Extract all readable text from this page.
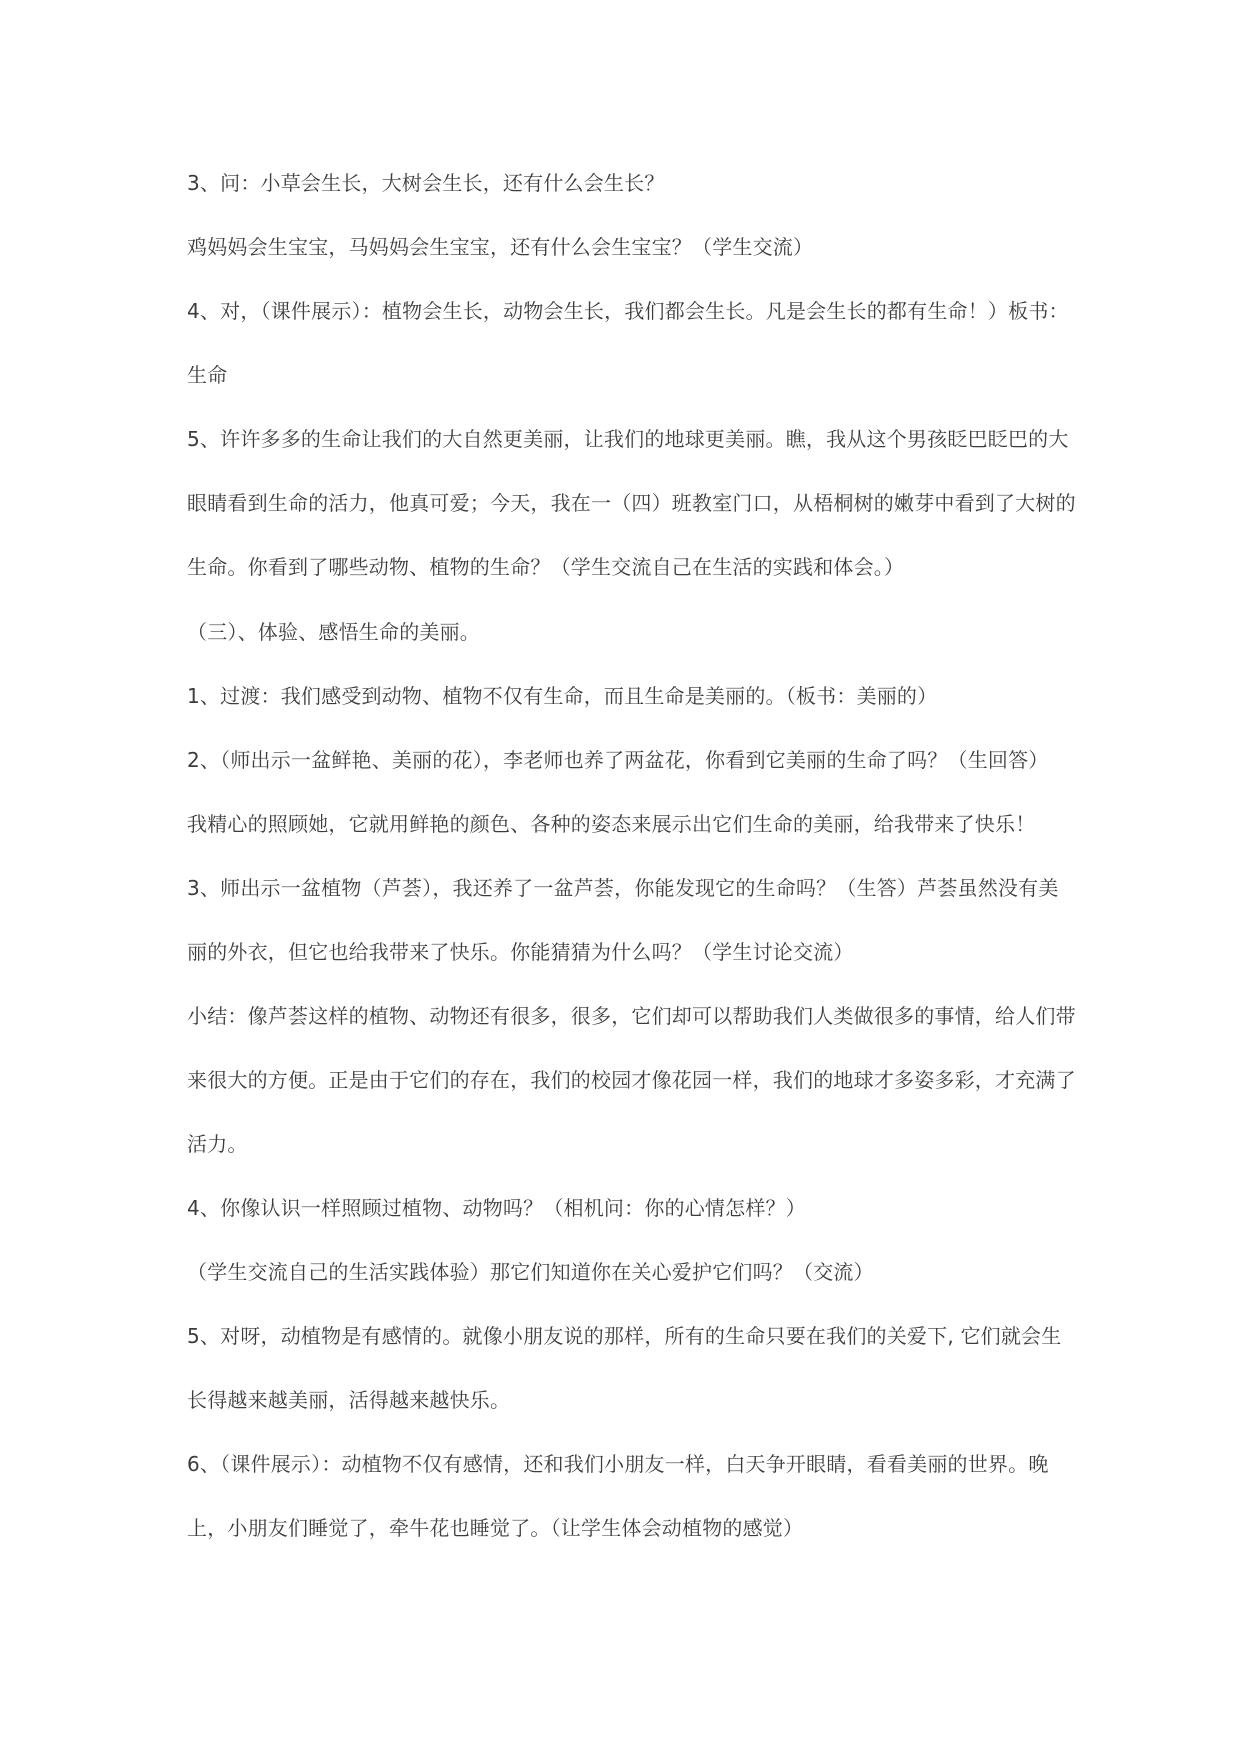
3、问：小草会生长，大树会生长，还有什么会生长？
鸡妈妈会生宝宝，马妈妈会生宝宝，还有什么会生宝宝？（学生交流）
4、对，（课件展示）：植物会生长，动物会生长，我们都会生长。凡是会生长的都有生命！）板书：
生命
5、许许多多的生命让我们的大自然更美丽，让我们的地球更美丽。瞧，我从这个男孩眨巴眨巴的大
眼睛看到生命的活力，他真可爱；今天，我在一（四）班教室门口，从梧桐树的嫩芽中看到了大树的
生命。你看到了哪些动物、植物的生命？（学生交流自己在生活的实践和体会。）
（三）、体验、感悟生命的美丽。
1、过渡：我们感受到动物、植物不仅有生命，而且生命是美丽的。（板书：美丽的）
2、（师出示一盆鲜艳、美丽的花），李老师也养了两盆花，你看到它美丽的生命了吗？（生回答）
我精心的照顾她，它就用鲜艳的颜色、各种的姿态来展示出它们生命的美丽，给我带来了快乐！
3、师出示一盆植物（芦荟），我还养了一盆芦荟，你能发现它的生命吗？（生答）芦荟虽然没有美
丽的外衣，但它也给我带来了快乐。你能猜猜为什么吗？（学生讨论交流）
小结：像芦荟这样的植物、动物还有很多，很多，它们却可以帮助我们人类做很多的事情，给人们带
来很大的方便。正是由于它们的存在，我们的校园才像花园一样，我们的地球才多姿多彩，才充满了
活力。
4、你像认识一样照顾过植物、动物吗？（相机问：你的心情怎样？）
（学生交流自己的生活实践体验）那它们知道你在关心爱护它们吗？（交流）
5、对呀，动植物是有感情的。就像小朋友说的那样，所有的生命只要在我们的关爱下, 它们就会生
长得越来越美丽，活得越来越快乐。
6、（课件展示）：动植物不仅有感情，还和我们小朋友一样，白天争开眼睛，看看美丽的世界。晚
上，小朋友们睡觉了，牵牛花也睡觉了。（让学生体会动植物的感觉）
